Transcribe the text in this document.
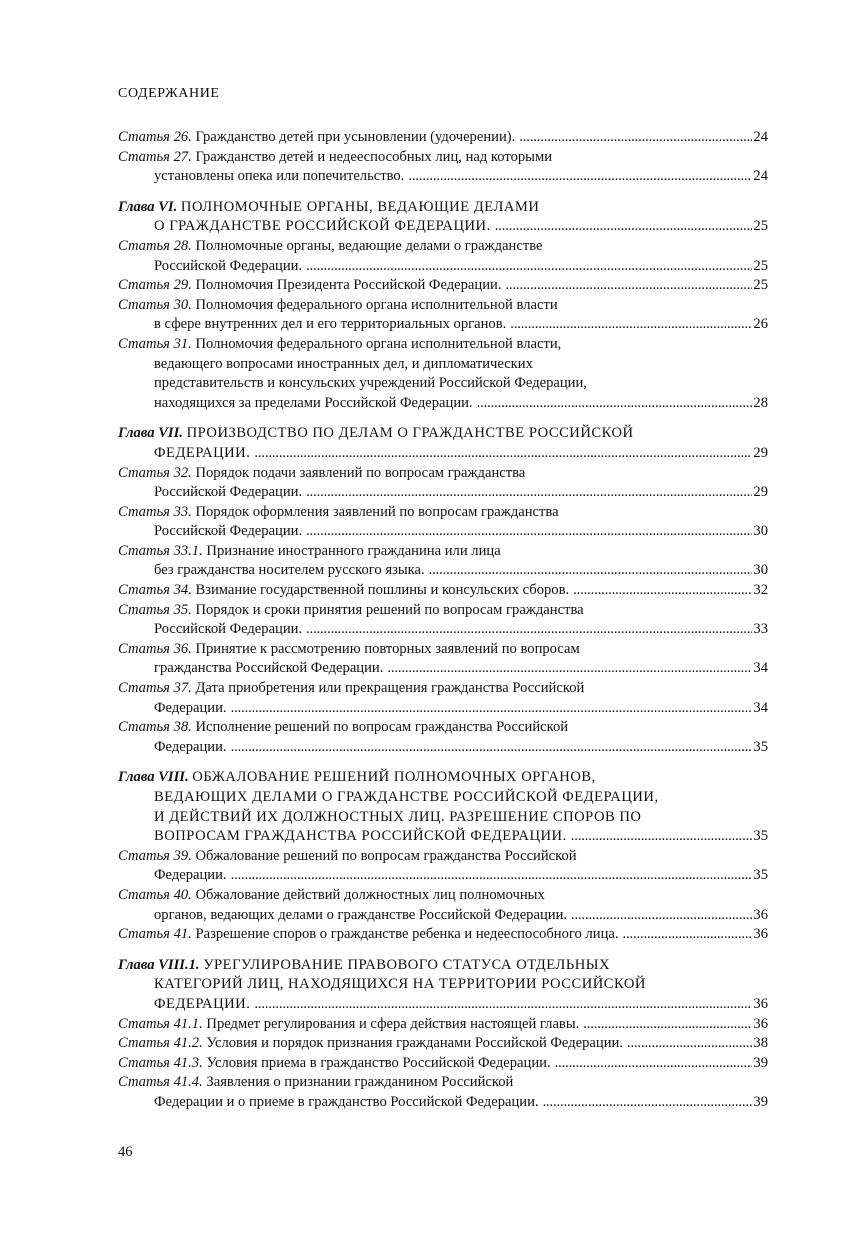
СОДЕРЖАНИЕ
Статья 26. Гражданство детей при усыновлении (удочерении). . . .	24
Статья 27. Гражданство детей и недееспособных лиц, над которыми
установлены опека или попечительство. . . .	24
Глава VI. ПОЛНОМОЧНЫЕ ОРГАНЫ, ВЕДАЮЩИЕ ДЕЛАМИ
О ГРАЖДАНСТВЕ РОССИЙСКОЙ ФЕДЕРАЦИИ. . . .	25
Статья 28. Полномочные органы, ведающие делами о гражданстве
Российской Федерации. . . .	25
Статья 29. Полномочия Президента Российской Федерации. . . .	25
Статья 30. Полномочия федерального органа исполнительной власти
в сфере внутренних дел и его территориальных органов. . . .	26
Статья 31. Полномочия федерального органа исполнительной власти,
ведающего вопросами иностранных дел, и дипломатических
представительств и консульских учреждений Российской Федерации,
находящихся за пределами Российской Федерации. . . .	28
Глава VII. ПРОИЗВОДСТВО ПО ДЕЛАМ О ГРАЖДАНСТВЕ РОССИЙСКОЙ
ФЕДЕРАЦИИ. . . .	29
Статья 32. Порядок подачи заявлений по вопросам гражданства
Российской Федерации. . . .	29
Статья 33. Порядок оформления заявлений по вопросам гражданства
Российской Федерации. . . .	30
Статья 33.1. Признание иностранного гражданина или лица
без гражданства носителем русского языка. . . .	30
Статья 34. Взимание государственной пошлины и консульских сборов. . . .	32
Статья 35. Порядок и сроки принятия решений по вопросам гражданства
Российской Федерации. . . .	33
Статья 36. Принятие к рассмотрению повторных заявлений по вопросам
гражданства Российской Федерации. . . .	34
Статья 37. Дата приобретения или прекращения гражданства Российской
Федерации. . . .	34
Статья 38. Исполнение решений по вопросам гражданства Российской
Федерации. . . .	35
Глава VIII. ОБЖАЛОВАНИЕ РЕШЕНИЙ ПОЛНОМОЧНЫХ ОРГАНОВ,
ВЕДАЮЩИХ ДЕЛАМИ О ГРАЖДАНСТВЕ РОССИЙСКОЙ ФЕДЕРАЦИИ,
И ДЕЙСТВИЙ ИХ ДОЛЖНОСТНЫХ ЛИЦ. РАЗРЕШЕНИЕ СПОРОВ ПО
ВОПРОСАМ ГРАЖДАНСТВА РОССИЙСКОЙ ФЕДЕРАЦИИ. . . .	35
Статья 39. Обжалование решений по вопросам гражданства Российской
Федерации. . . .	35
Статья 40. Обжалование действий должностных лиц полномочных
органов, ведающих делами о гражданстве Российской Федерации. . . .	36
Статья 41. Разрешение споров о гражданстве ребенка и недееспособного лица. . . .	36
Глава VIII.1. УРЕГУЛИРОВАНИЕ ПРАВОВОГО СТАТУСА ОТДЕЛЬНЫХ
КАТЕГОРИЙ ЛИЦ, НАХОДЯЩИХСЯ НА ТЕРРИТОРИИ РОССИЙСКОЙ
ФЕДЕРАЦИИ. . . .	36
Статья 41.1. Предмет регулирования и сфера действия настоящей главы. . . .	36
Статья 41.2. Условия и порядок признания гражданами Российской Федерации. . . .	38
Статья 41.3. Условия приема в гражданство Российской Федерации. . . .	39
Статья 41.4. Заявления о признании гражданином Российской
Федерации и о приеме в гражданство Российской Федерации. . . .	39
46
